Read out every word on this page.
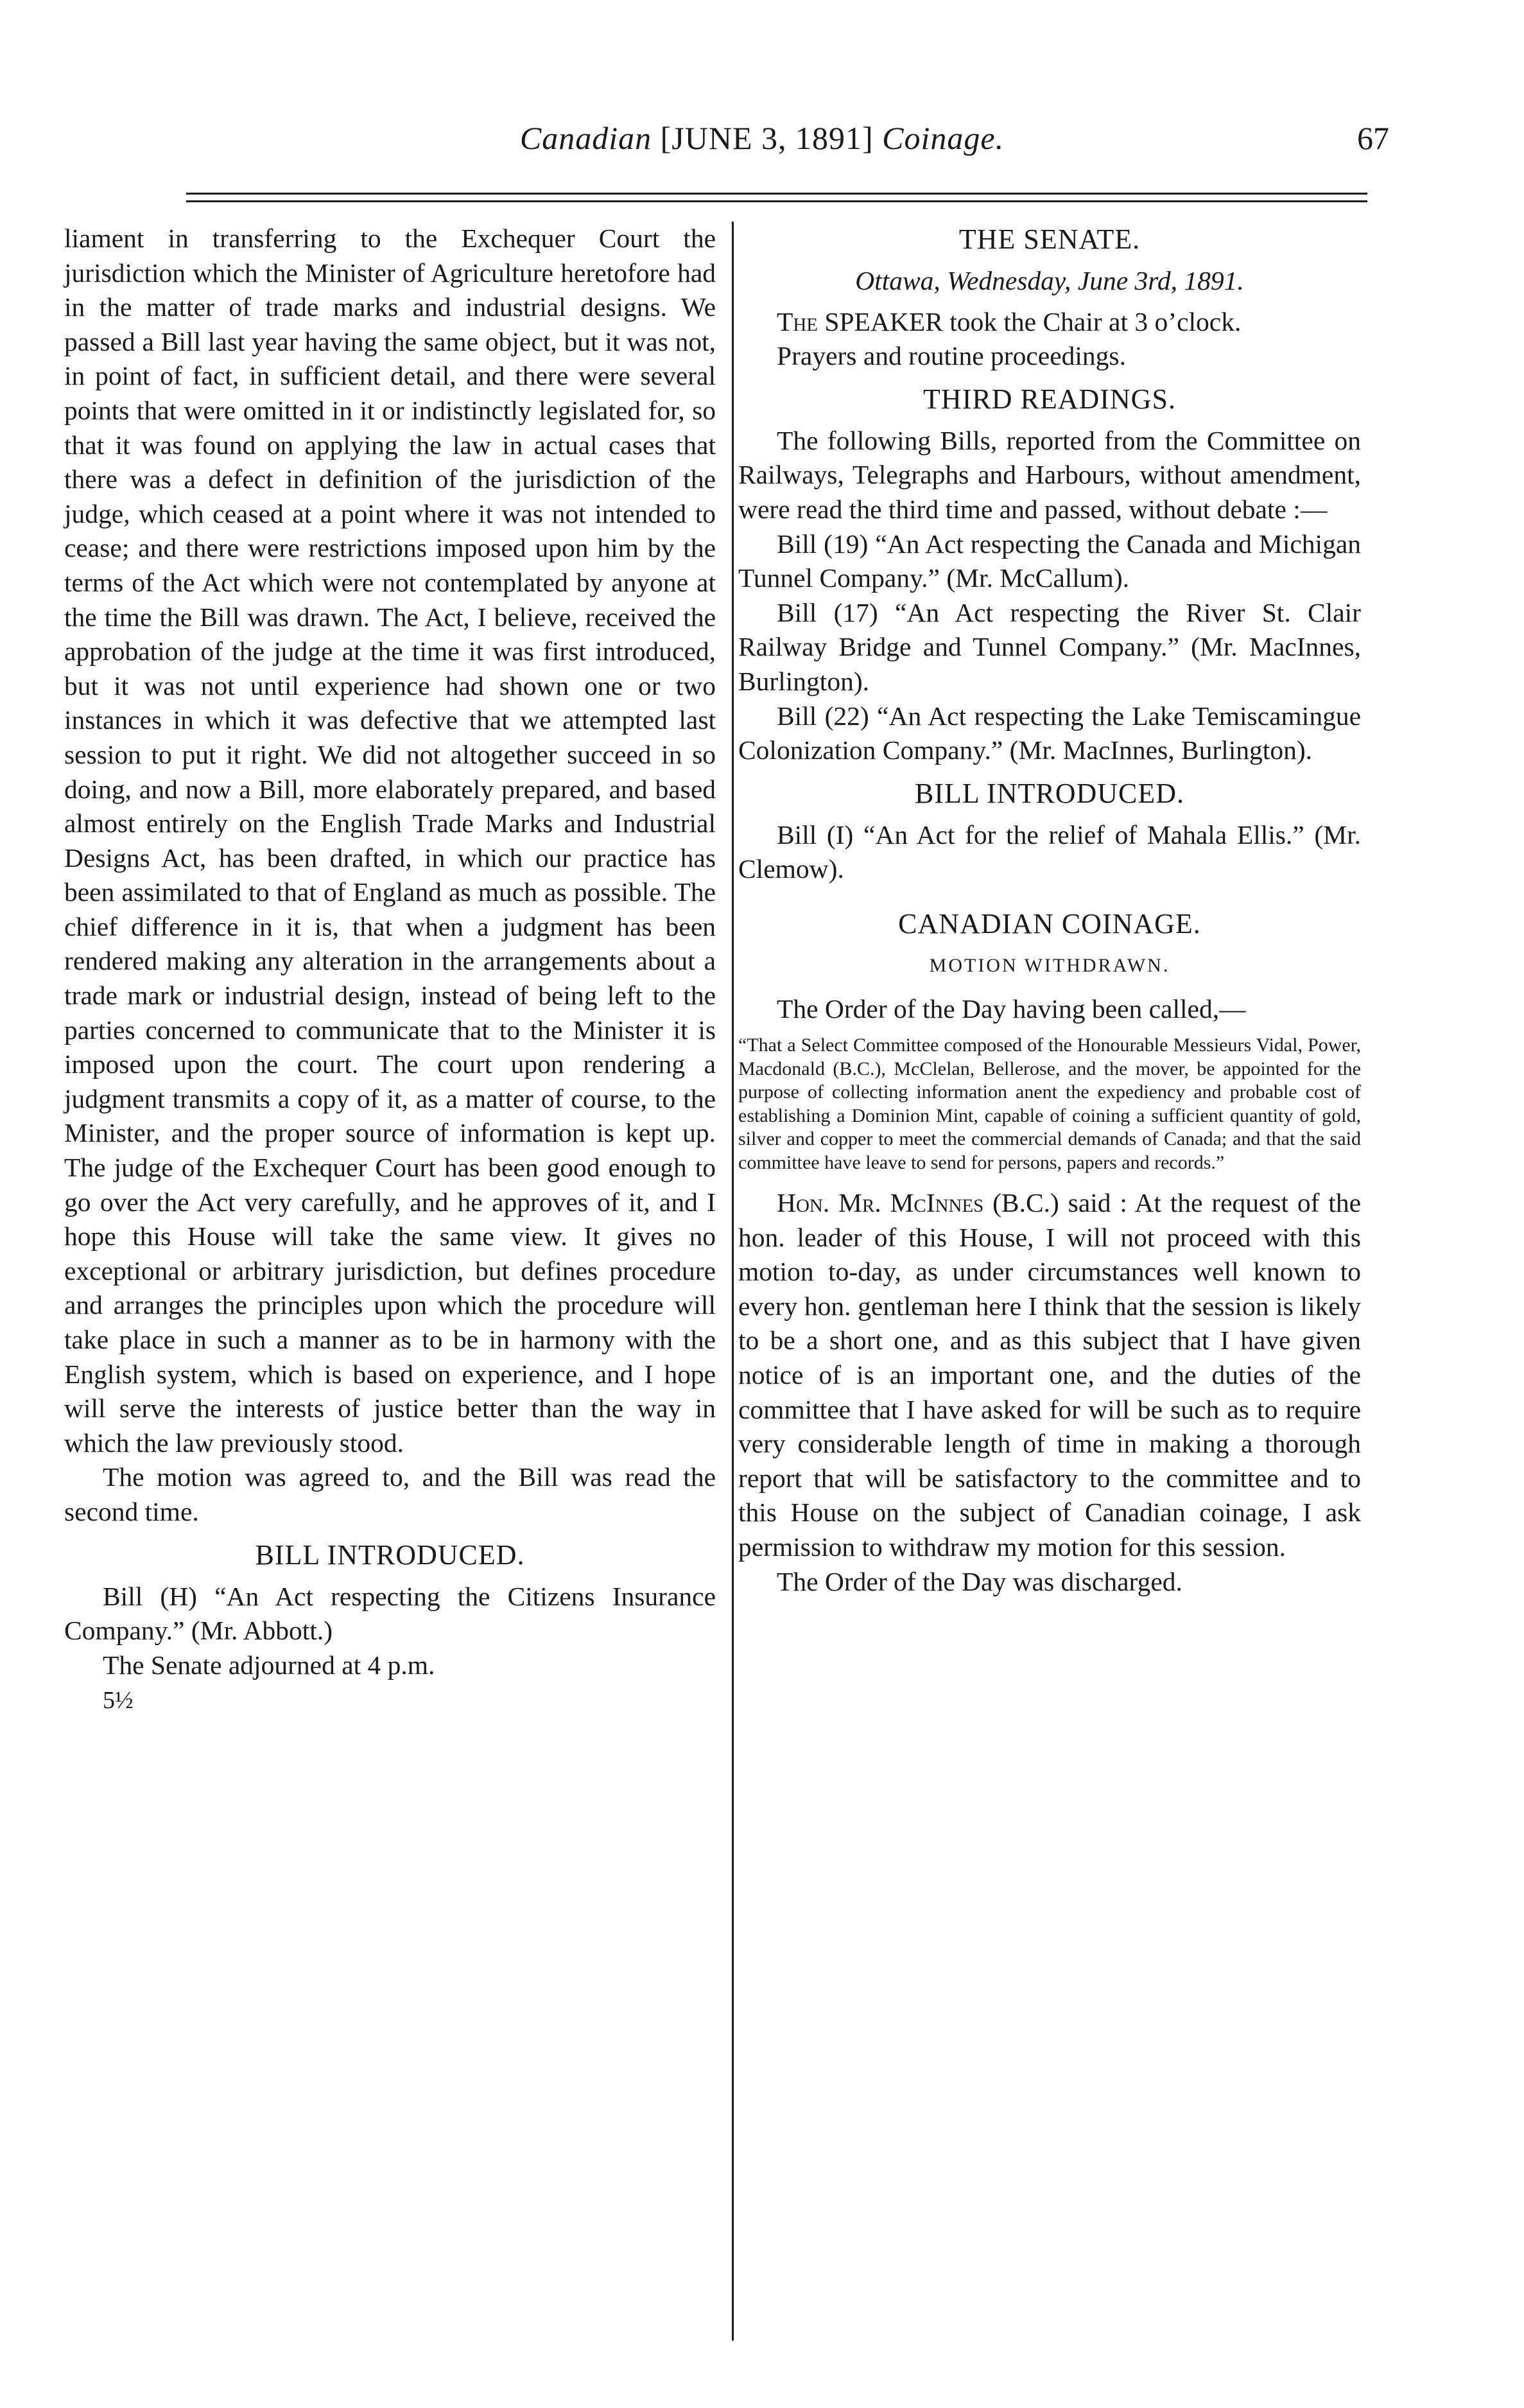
Canadian [JUNE 3, 1891] Coinage.	67

liament in transferring to the Exchequer Court the jurisdiction which the Minister of Agriculture heretofore had in the matter of trade marks and industrial designs. We passed a Bill last year having the same object, but it was not, in point of fact, in sufficient detail, and there were several points that were omitted in it or indistinctly legislated for, so that it was found on applying the law in actual cases that there was a defect in definition of the jurisdiction of the judge, which ceased at a point where it was not intended to cease; and there were restrictions imposed upon him by the terms of the Act which were not contemplated by anyone at the time the Bill was drawn. The Act, I believe, received the approbation of the judge at the time it was first introduced, but it was not until experience had shown one or two instances in which it was defective that we attempted last session to put it right. We did not altogether succeed in so doing, and now a Bill, more elaborately prepared, and based almost entirely on the English Trade Marks and Industrial Designs Act, has been drafted, in which our practice has been assimilated to that of England as much as possible. The chief difference in it is, that when a judgment has been rendered making any alteration in the arrangements about a trade mark or industrial design, instead of being left to the parties concerned to communicate that to the Minister it is imposed upon the court. The court upon rendering a judgment transmits a copy of it, as a matter of course, to the Minister, and the proper source of information is kept up. The judge of the Exchequer Court has been good enough to go over the Act very carefully, and he approves of it, and I hope this House will take the same view. It gives no exceptional or arbitrary jurisdiction, but defines procedure and arranges the principles upon which the procedure will take place in such a manner as to be in harmony with the English system, which is based on experience, and I hope will serve the interests of justice better than the way in which the law previously stood.

The motion was agreed to, and the Bill was read the second time.

BILL INTRODUCED.

Bill (H) “An Act respecting the Citizens Insurance Company.” (Mr. Abbott.)

The Senate adjourned at 4 p.m.

5½
THE SENATE.
Ottawa, Wednesday, June 3rd, 1891.

The SPEAKER took the Chair at 3 o’clock.

Prayers and routine proceedings.

THIRD READINGS.

The following Bills, reported from the Committee on Railways, Telegraphs and Harbours, without amendment, were read the third time and passed, without debate :—

Bill (19) “An Act respecting the Canada and Michigan Tunnel Company.” (Mr. McCallum).

Bill (17) “An Act respecting the River St. Clair Railway Bridge and Tunnel Company.” (Mr. MacInnes, Burlington).

Bill (22) “An Act respecting the Lake Temiscamingue Colonization Company.” (Mr. MacInnes, Burlington).

BILL INTRODUCED.

Bill (I) “An Act for the relief of Mahala Ellis.” (Mr. Clemow).

CANADIAN COINAGE.
MOTION WITHDRAWN.

The Order of the Day having been called,—

“That a Select Committee composed of the Honourable Messieurs Vidal, Power, Macdonald (B.C.), McClelan, Bellerose, and the mover, be appointed for the purpose of collecting information anent the expediency and probable cost of establishing a Dominion Mint, capable of coining a sufficient quantity of gold, silver and copper to meet the commercial demands of Canada; and that the said committee have leave to send for persons, papers and records.”

Hon. Mr. McInnes (B.C.) said : At the request of the hon. leader of this House, I will not proceed with this motion to-day, as under circumstances well known to every hon. gentleman here I think that the session is likely to be a short one, and as this subject that I have given notice of is an important one, and the duties of the committee that I have asked for will be such as to require very considerable length of time in making a thorough report that will be satisfactory to the committee and to this House on the subject of Canadian coinage, I ask permission to withdraw my motion for this session.

The Order of the Day was discharged.
